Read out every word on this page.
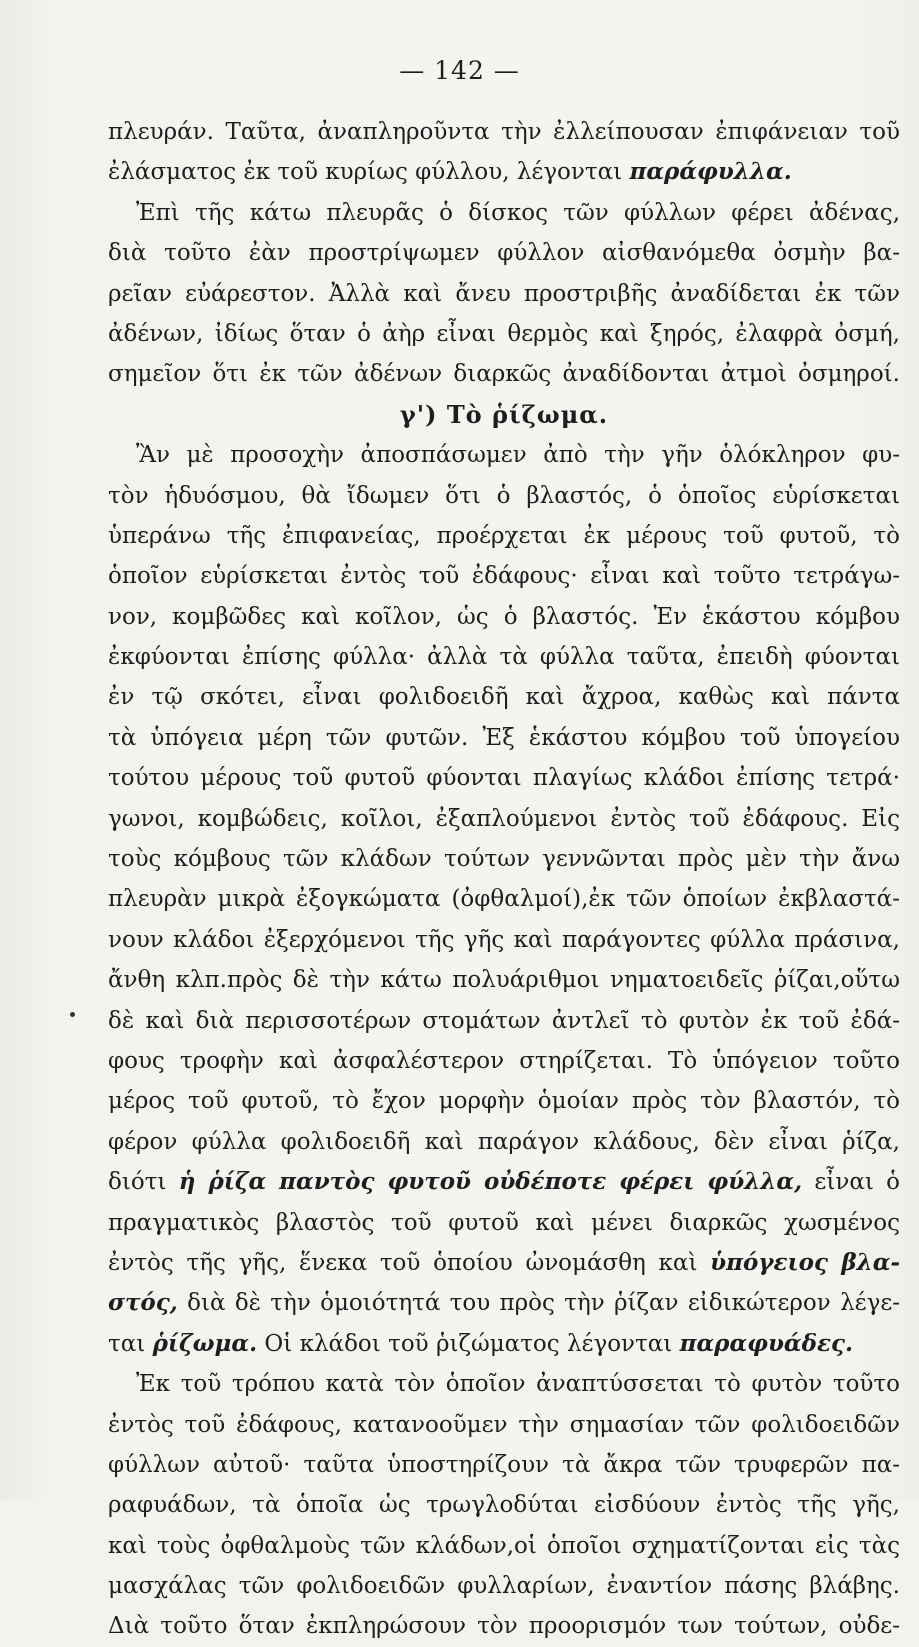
— 142 —
πλευράν. Ταῦτα, ἀναπληροῦντα τὴν ἐλλείπουσαν ἐπιφάνειαν τοῦ
ἐλάσματος ἐκ τοῦ κυρίως φύλλου, λέγονται παράφυλλα.
Ἐπὶ τῆς κάτω πλευρᾶς ὁ δίσκος τῶν φύλλων φέρει ἀδένας,
διὰ τοῦτο ἐὰν προστρίψωμεν φύλλον αἰσθανόμεθα ὀσμὴν βα-
ρεῖαν εὐάρεστον. Ἀλλὰ καὶ ἄνευ προστριβῆς ἀναδίδεται ἐκ τῶν
ἀδένων, ἰδίως ὅταν ὁ ἀὴρ εἶναι θερμὸς καὶ ξηρός, ἐλαφρὰ ὀσμή,
σημεῖον ὅτι ἐκ τῶν ἀδένων διαρκῶς ἀναδίδονται ἀτμοὶ ὀσμηροί.
γ') Τὸ ῥίζωμα.
Ἂν μὲ προσοχὴν ἀποσπάσωμεν ἀπὸ τὴν γῆν ὁλόκληρον φυ-
τὸν ἡδυόσμου, θὰ ἴδωμεν ὅτι ὁ βλαστός, ὁ ὁποῖος εὑρίσκεται
ὑπεράνω τῆς ἐπιφανείας, προέρχεται ἐκ μέρους τοῦ φυτοῦ, τὸ
ὁποῖον εὑρίσκεται ἐντὸς τοῦ ἐδάφους· εἶναι καὶ τοῦτο τετράγω-
νον, κομβῶδες καὶ κοῖλον, ὡς ὁ βλαστός. Ἐν ἑκάστου κόμβου
ἐκφύονται ἐπίσης φύλλα· ἀλλὰ τὰ φύλλα ταῦτα, ἐπειδὴ φύονται
ἐν τῷ σκότει, εἶναι φολιδοειδῆ καὶ ἄχροα, καθὼς καὶ πάντα
τὰ ὑπόγεια μέρη τῶν φυτῶν. Ἐξ ἑκάστου κόμβου τοῦ ὑπογείου
τούτου μέρους τοῦ φυτοῦ φύονται πλαγίως κλάδοι ἐπίσης τετρά·
γωνοι, κομβώδεις, κοῖλοι, ἐξαπλούμενοι ἐντὸς τοῦ ἐδάφους. Εἰς
τοὺς κόμβους τῶν κλάδων τούτων γεννῶνται πρὸς μὲν τὴν ἄνω
πλευρὰν μικρὰ ἐξογκώματα (ὀφθαλμοί),ἐκ τῶν ὁποίων ἐκβλαστά-
νουν κλάδοι ἐξερχόμενοι τῆς γῆς καὶ παράγοντες φύλλα πράσινα,
ἄνθη κλπ.πρὸς δὲ τὴν κάτω πολυάριθμοι νηματοειδεῖς ῥίζαι,οὕτω
δὲ καὶ διὰ περισσοτέρων στομάτων ἀντλεῖ τὸ φυτὸν ἐκ τοῦ ἐδά-
φους τροφὴν καὶ ἀσφαλέστερον στηρίζεται. Τὸ ὑπόγειον τοῦτο
μέρος τοῦ φυτοῦ, τὸ ἔχον μορφὴν ὁμοίαν πρὸς τὸν βλαστόν, τὸ
φέρον φύλλα φολιδοειδῆ καὶ παράγον κλάδους, δὲν εἶναι ῥίζα,
διότι ἡ ῥίζα παντὸς φυτοῦ οὐδέποτε φέρει φύλλα, εἶναι ὁ
πραγματικὸς βλαστὸς τοῦ φυτοῦ καὶ μένει διαρκῶς χωσμένος
ἐντὸς τῆς γῆς, ἕνεκα τοῦ ὁποίου ὠνομάσθη καὶ ὑπόγειος βλα-
στός, διὰ δὲ τὴν ὁμοιότητά του πρὸς τὴν ῥίζαν εἰδικώτερον λέγε-
ται ῥίζωμα. Οἱ κλάδοι τοῦ ῥιζώματος λέγονται παραφυάδες.
Ἐκ τοῦ τρόπου κατὰ τὸν ὁποῖον ἀναπτύσσεται τὸ φυτὸν τοῦτο
ἐντὸς τοῦ ἐδάφους, κατανοοῦμεν τὴν σημασίαν τῶν φολιδοειδῶν
φύλλων αὐτοῦ· ταῦτα ὑποστηρίζουν τὰ ἄκρα τῶν τρυφερῶν πα-
ραφυάδων, τὰ ὁποῖα ὡς τρωγλοδύται εἰσδύουν ἐντὸς τῆς γῆς,
καὶ τοὺς ὀφθαλμοὺς τῶν κλάδων,οἱ ὁποῖοι σχηματίζονται εἰς τὰς
μασχάλας τῶν φολιδοειδῶν φυλλαρίων, ἐναντίον πάσης βλάβης.
Διὰ τοῦτο ὅταν ἐκπληρώσουν τὸν προορισμόν των τούτων, οὐδε-
